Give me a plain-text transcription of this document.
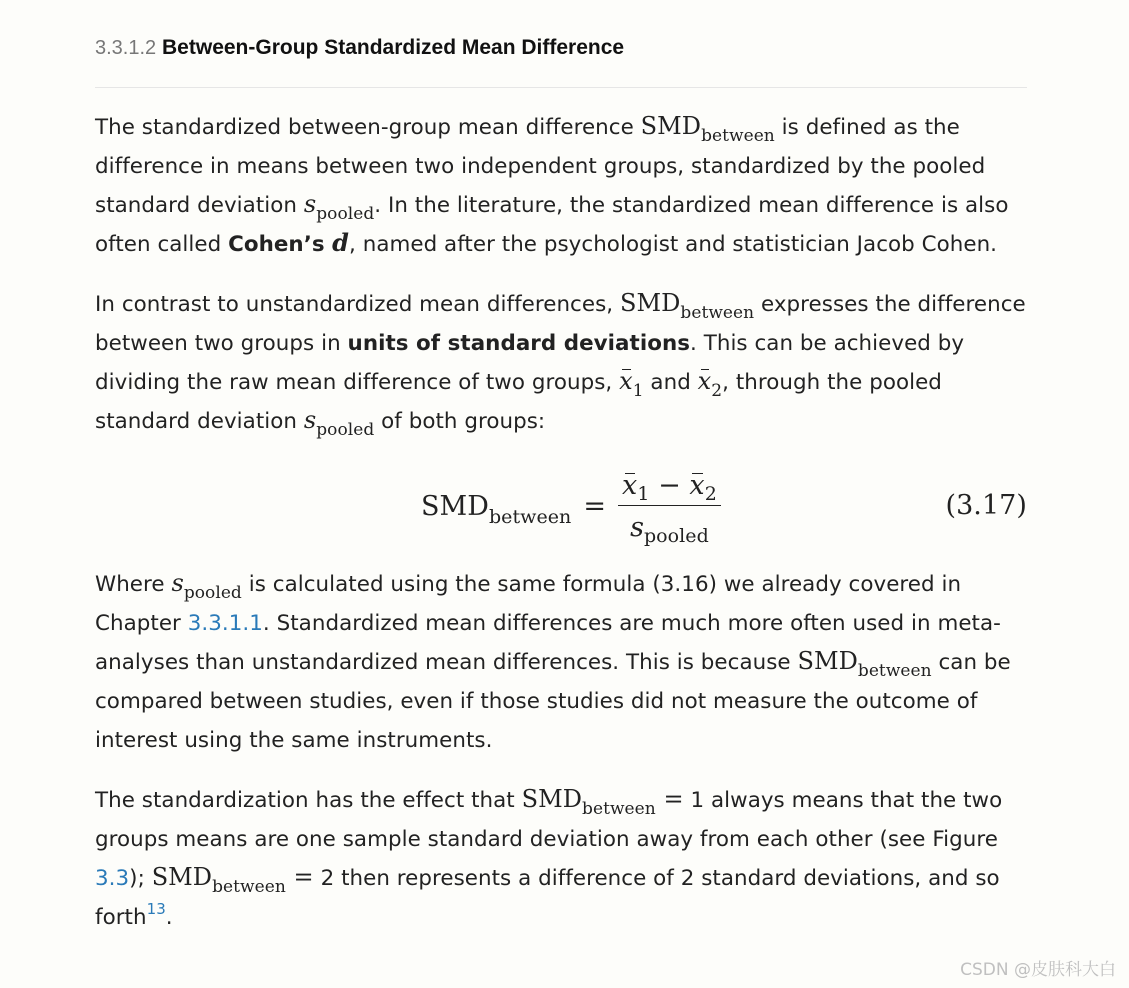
3.3.1.2 Between-Group Standardized Mean Difference

The standardized between-group mean difference $SMD_{between}$ is defined as the difference in means between two independent groups, standardized by the pooled standard deviation $s_{pooled}$. In the literature, the standardized mean difference is also often called Cohen’s d, named after the psychologist and statistician Jacob Cohen.

In contrast to unstandardized mean differences, $SMD_{between}$ expresses the difference between two groups in units of standard deviations. This can be achieved by dividing the raw mean difference of two groups, $x_1$ and $x_2$, through the pooled standard deviation $s_{pooled}$ of both groups:

$SMD_{between} = \frac{x_1 - x_2}{s_{pooled}}$	(3.17)

Where $s_{pooled}$ is calculated using the same formula (3.16) we already covered in Chapter 3.3.1.1. Standardized mean differences are much more often used in meta-analyses than unstandardized mean differences. This is because $SMD_{between}$ can be compared between studies, even if those studies did not measure the outcome of interest using the same instruments.

The standardization has the effect that $SMD_{between} = 1$ always means that the two groups means are one sample standard deviation away from each other (see Figure 3.3); $SMD_{between} = 2$ then represents a difference of 2 standard deviations, and so forth$^{13}$.

CSDN @皮肤科大白
